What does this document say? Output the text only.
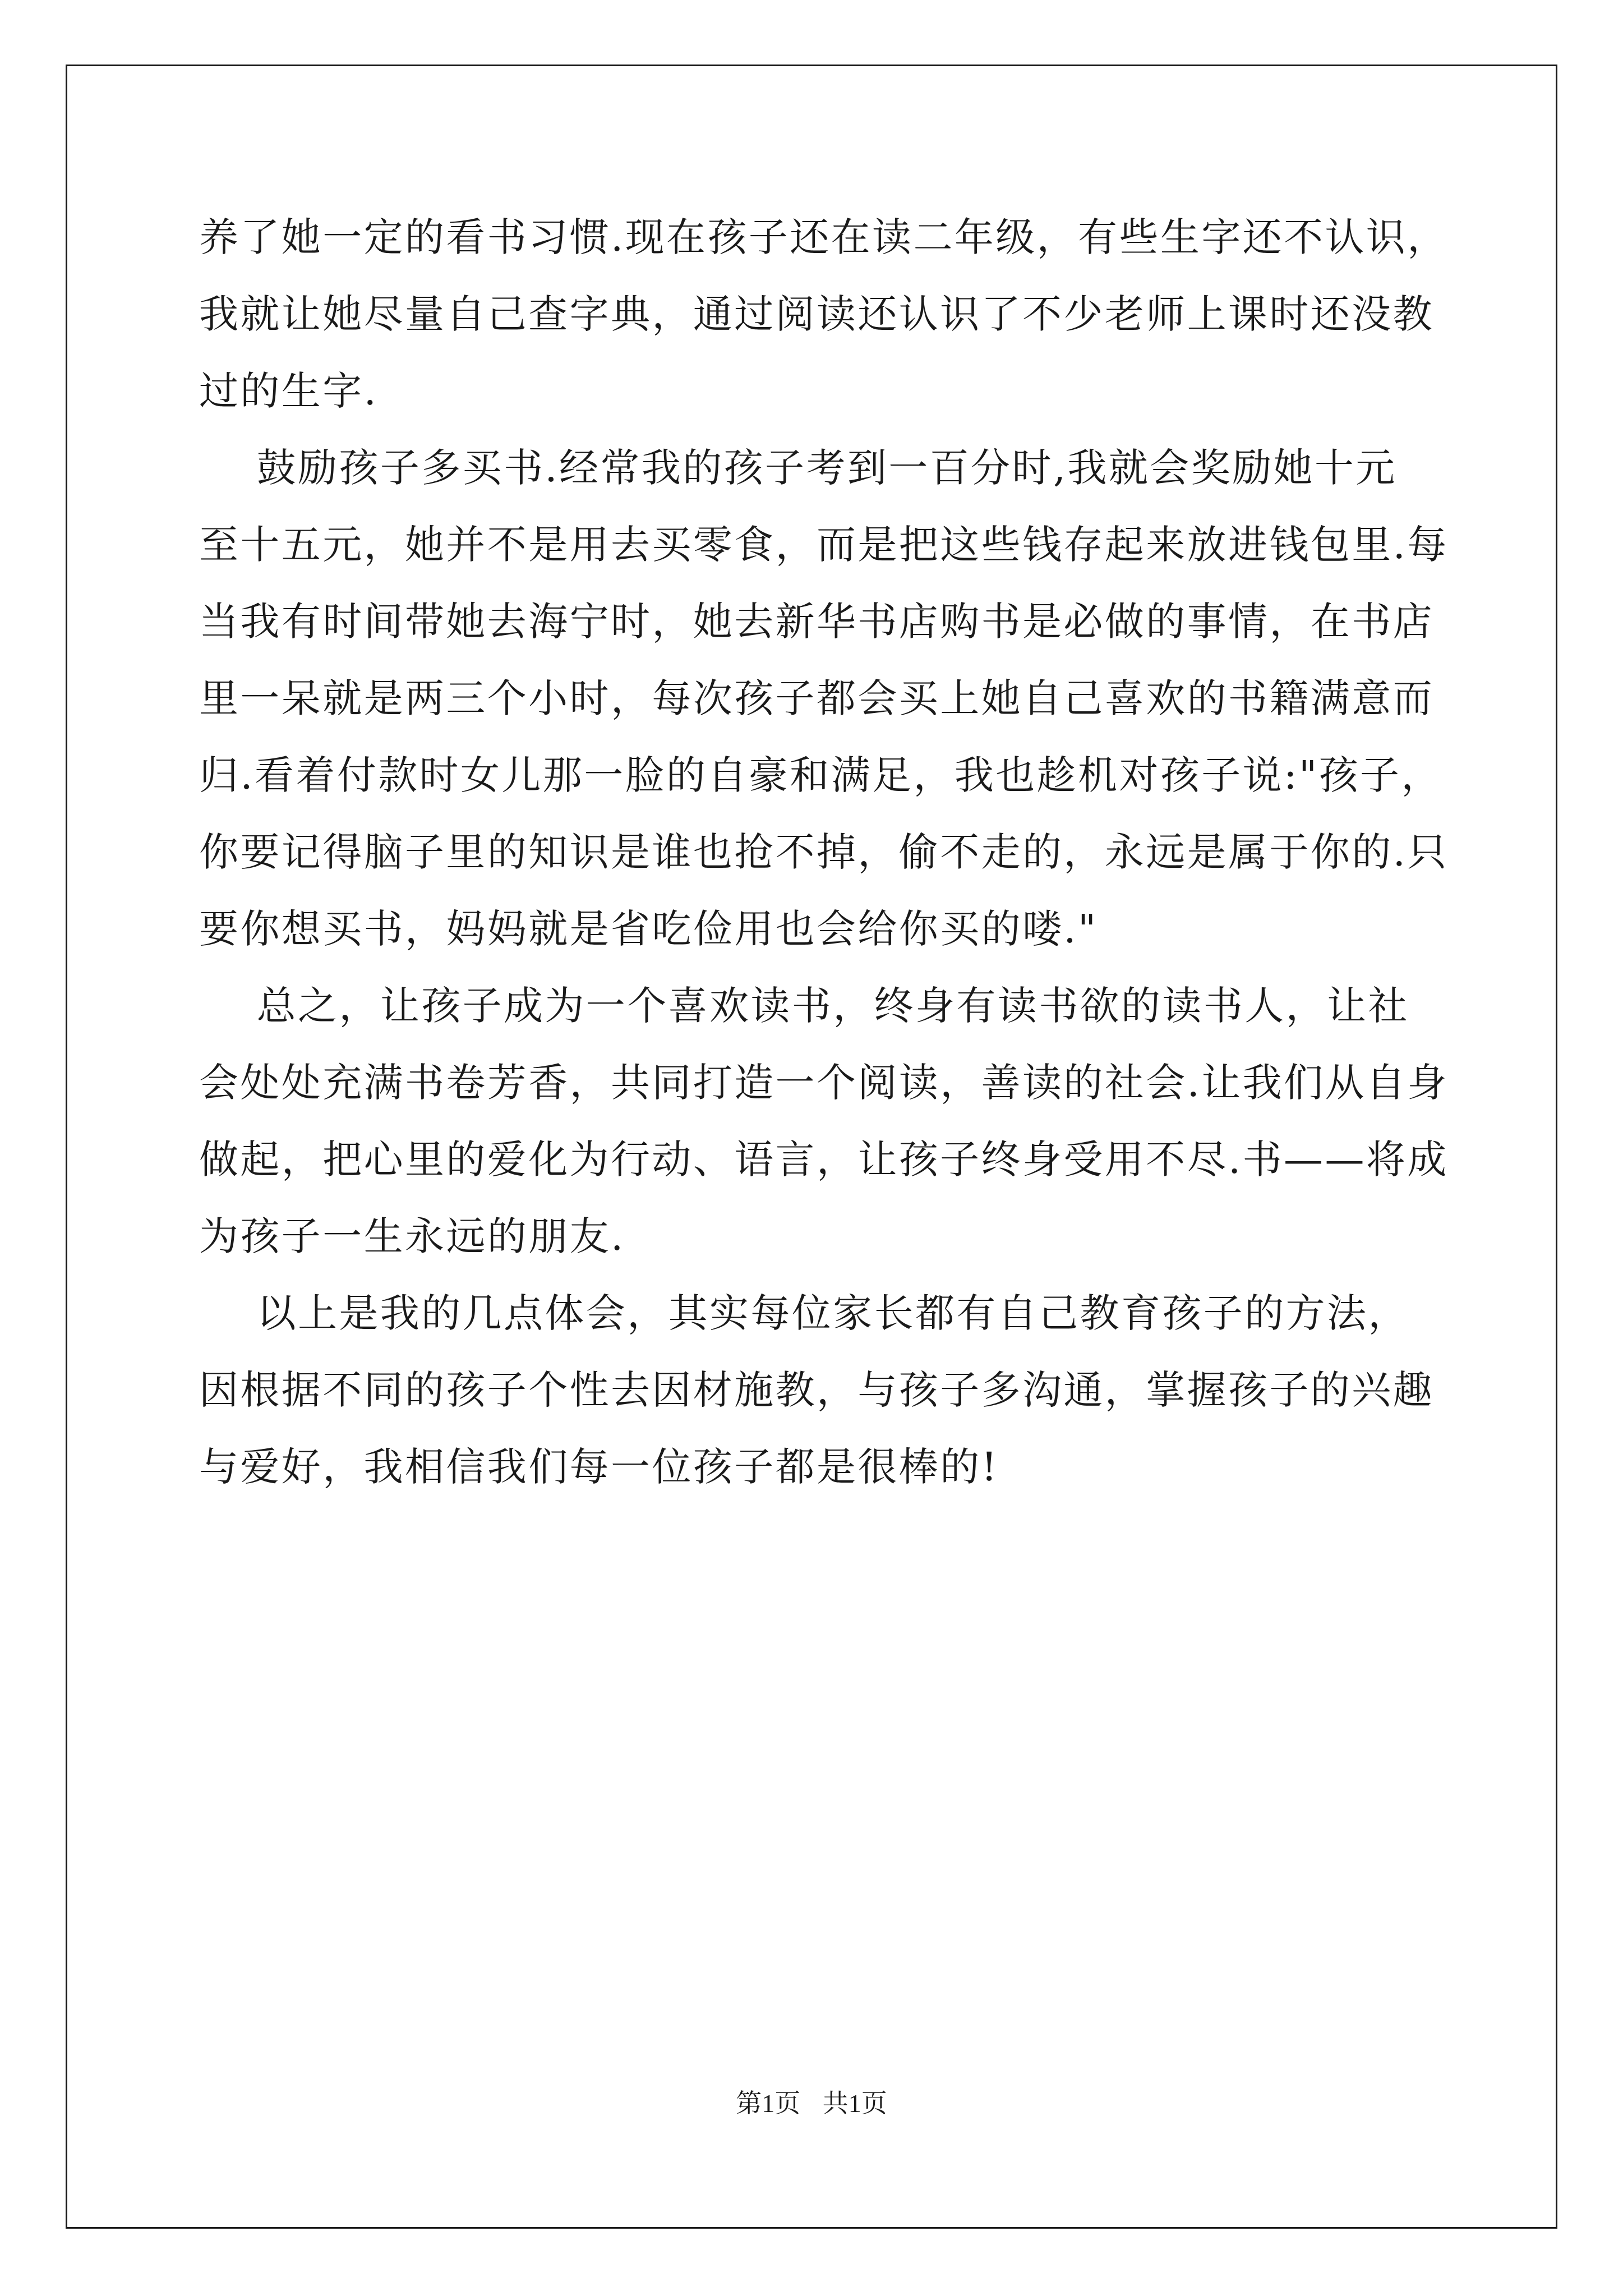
养了她一定的看书习惯.现在孩子还在读二年级，有些生字还不认识，
我就让她尽量自己查字典，通过阅读还认识了不少老师上课时还没教
过的生字.
鼓励孩子多买书.经常我的孩子考到一百分时,我就会奖励她十元
至十五元，她并不是用去买零食，而是把这些钱存起来放进钱包里.每
当我有时间带她去海宁时，她去新华书店购书是必做的事情，在书店
里一呆就是两三个小时，每次孩子都会买上她自己喜欢的书籍满意而
归.看着付款时女儿那一脸的自豪和满足，我也趁机对孩子说:"孩子，
你要记得脑子里的知识是谁也抢不掉，偷不走的，永远是属于你的.只
要你想买书，妈妈就是省吃俭用也会给你买的喽."
总之，让孩子成为一个喜欢读书，终身有读书欲的读书人，让社
会处处充满书卷芳香，共同打造一个阅读，善读的社会.让我们从自身
做起，把心里的爱化为行动、语言，让孩子终身受用不尽.书——将成
为孩子一生永远的朋友.
以上是我的几点体会，其实每位家长都有自己教育孩子的方法，
因根据不同的孩子个性去因材施教，与孩子多沟通，掌握孩子的兴趣
与爱好，我相信我们每一位孩子都是很棒的!
第1页 共1页
